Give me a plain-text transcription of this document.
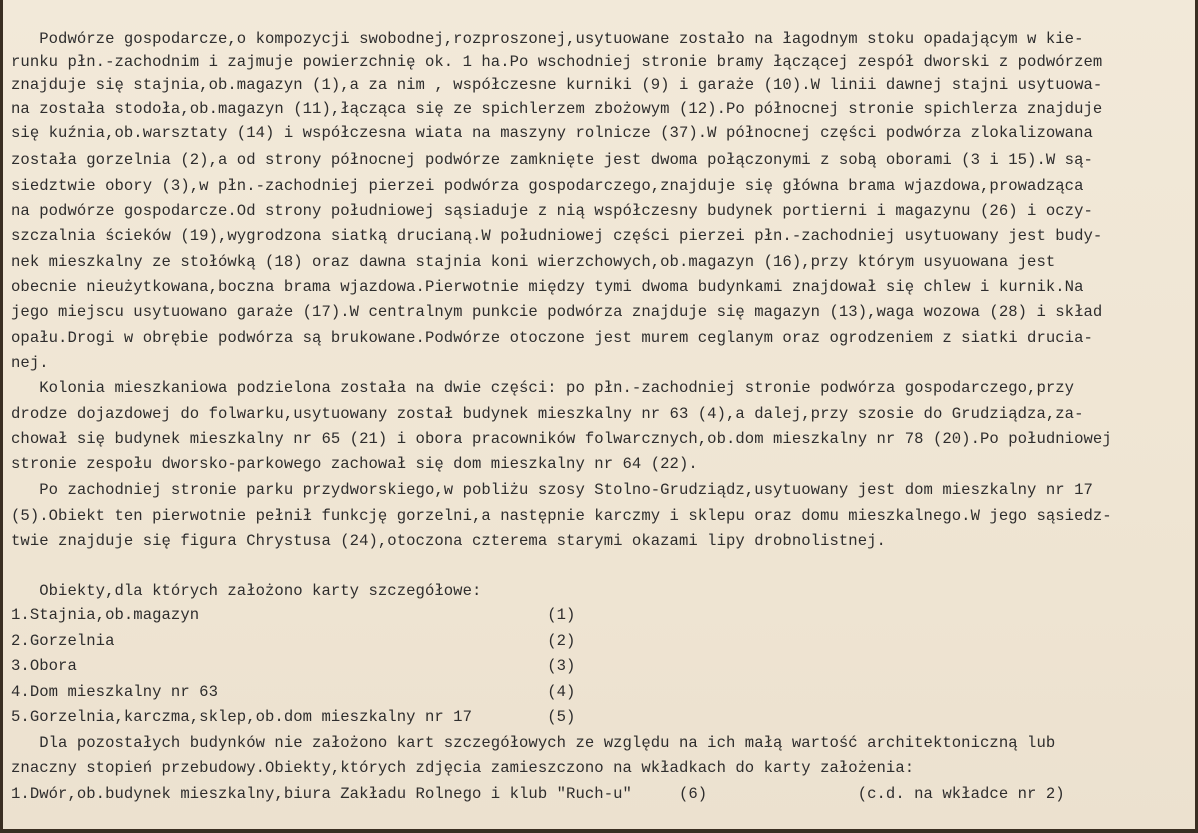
Podwórze gospodarcze,o kompozycji swobodnej,rozproszonej,usytuowane zostało na łagodnym stoku opadającym w kie-
runku płn.-zachodnim i zajmuje powierzchnię ok. 1 ha.Po wschodniej stronie bramy łączącej zespół dworski z podwórzem
znajduje się stajnia,ob.magazyn (1),a za nim , współczesne kurniki (9) i garaże (10).W linii dawnej stajni usytuowa-
na została stodoła,ob.magazyn (11),łącząca się ze spichlerzem zbożowym (12).Po północnej stronie spichlerza znajduje
się kuźnia,ob.warsztaty (14) i współczesna wiata na maszyny rolnicze (37).W północnej części podwórza zlokalizowana
została gorzelnia (2),a od strony północnej podwórze zamknięte jest dwoma połączonymi z sobą oborami (3 i 15).W są-
siedztwie obory (3),w płn.-zachodniej pierzei podwórza gospodarczego,znajduje się główna brama wjazdowa,prowadząca
na podwórze gospodarcze.Od strony południowej sąsiaduje z nią współczesny budynek portierni i magazynu (26) i oczy-
szczalnia ścieków (19),wygrodzona siatką drucianą.W południowej części pierzei płn.-zachodniej usytuowany jest budy-
nek mieszkalny ze stołówką (18) oraz dawna stajnia koni wierzchowych,ob.magazyn (16),przy którym usyuowana jest
obecnie nieużytkowana,boczna brama wjazdowa.Pierwotnie między tymi dwoma budynkami znajdował się chlew i kurnik.Na
jego miejscu usytuowano garaże (17).W centralnym punkcie podwórza znajduje się magazyn (13),waga wozowa (28) i skład
opału.Drogi w obrębie podwórza są brukowane.Podwórze otoczone jest murem ceglanym oraz ogrodzeniem z siatki druciа-
nej.
Kolonia mieszkaniowa podzielona została na dwie części: po płn.-zachodniej stronie podwórza gospodarczego,przy
drodze dojazdowej do folwarku,usytuowany został budynek mieszkalny nr 63 (4),a dalej,przy szosie do Grudziądza,za-
chował się budynek mieszkalny nr 65 (21) i obora pracowników folwarcznych,ob.dom mieszkalny nr 78 (20).Po południowej
stronie zespołu dworsko-parkowego zachował się dom mieszkalny nr 64 (22).
Po zachodniej stronie parku przydworskiego,w pobliżu szosy Stolno-Grudziądz,usytuowany jest dom mieszkalny nr 17
(5).Obiekt ten pierwotnie pełnił funkcję gorzelni,a następnie karczmy i sklepu oraz domu mieszkalnego.W jego sąsiedz-
twie znajduje się figura Chrystusa (24),otoczona czterema starymi okazami lipy drobnolistnej.
Obiekty,dla których założono karty szczegółowe:
1.Stajnia,ob.magazyn                                     (1)
2.Gorzelnia                                              (2)
3.Obora                                                  (3)
4.Dom mieszkalny nr 63                                   (4)
5.Gorzelnia,karczma,sklep,ob.dom mieszkalny nr 17        (5)
Dla pozostałych budynków nie założono kart szczegółowych ze względu na ich małą wartość architektoniczną lub
znaczny stopień przebudowy.Obiekty,których zdjęcia zamieszczono na wkładkach do karty założenia:
1.Dwór,ob.budynek mieszkalny,biura Zakładu Rolnego i klub "Ruch-u"     (6)                (c.d. na wkładce nr 2)
